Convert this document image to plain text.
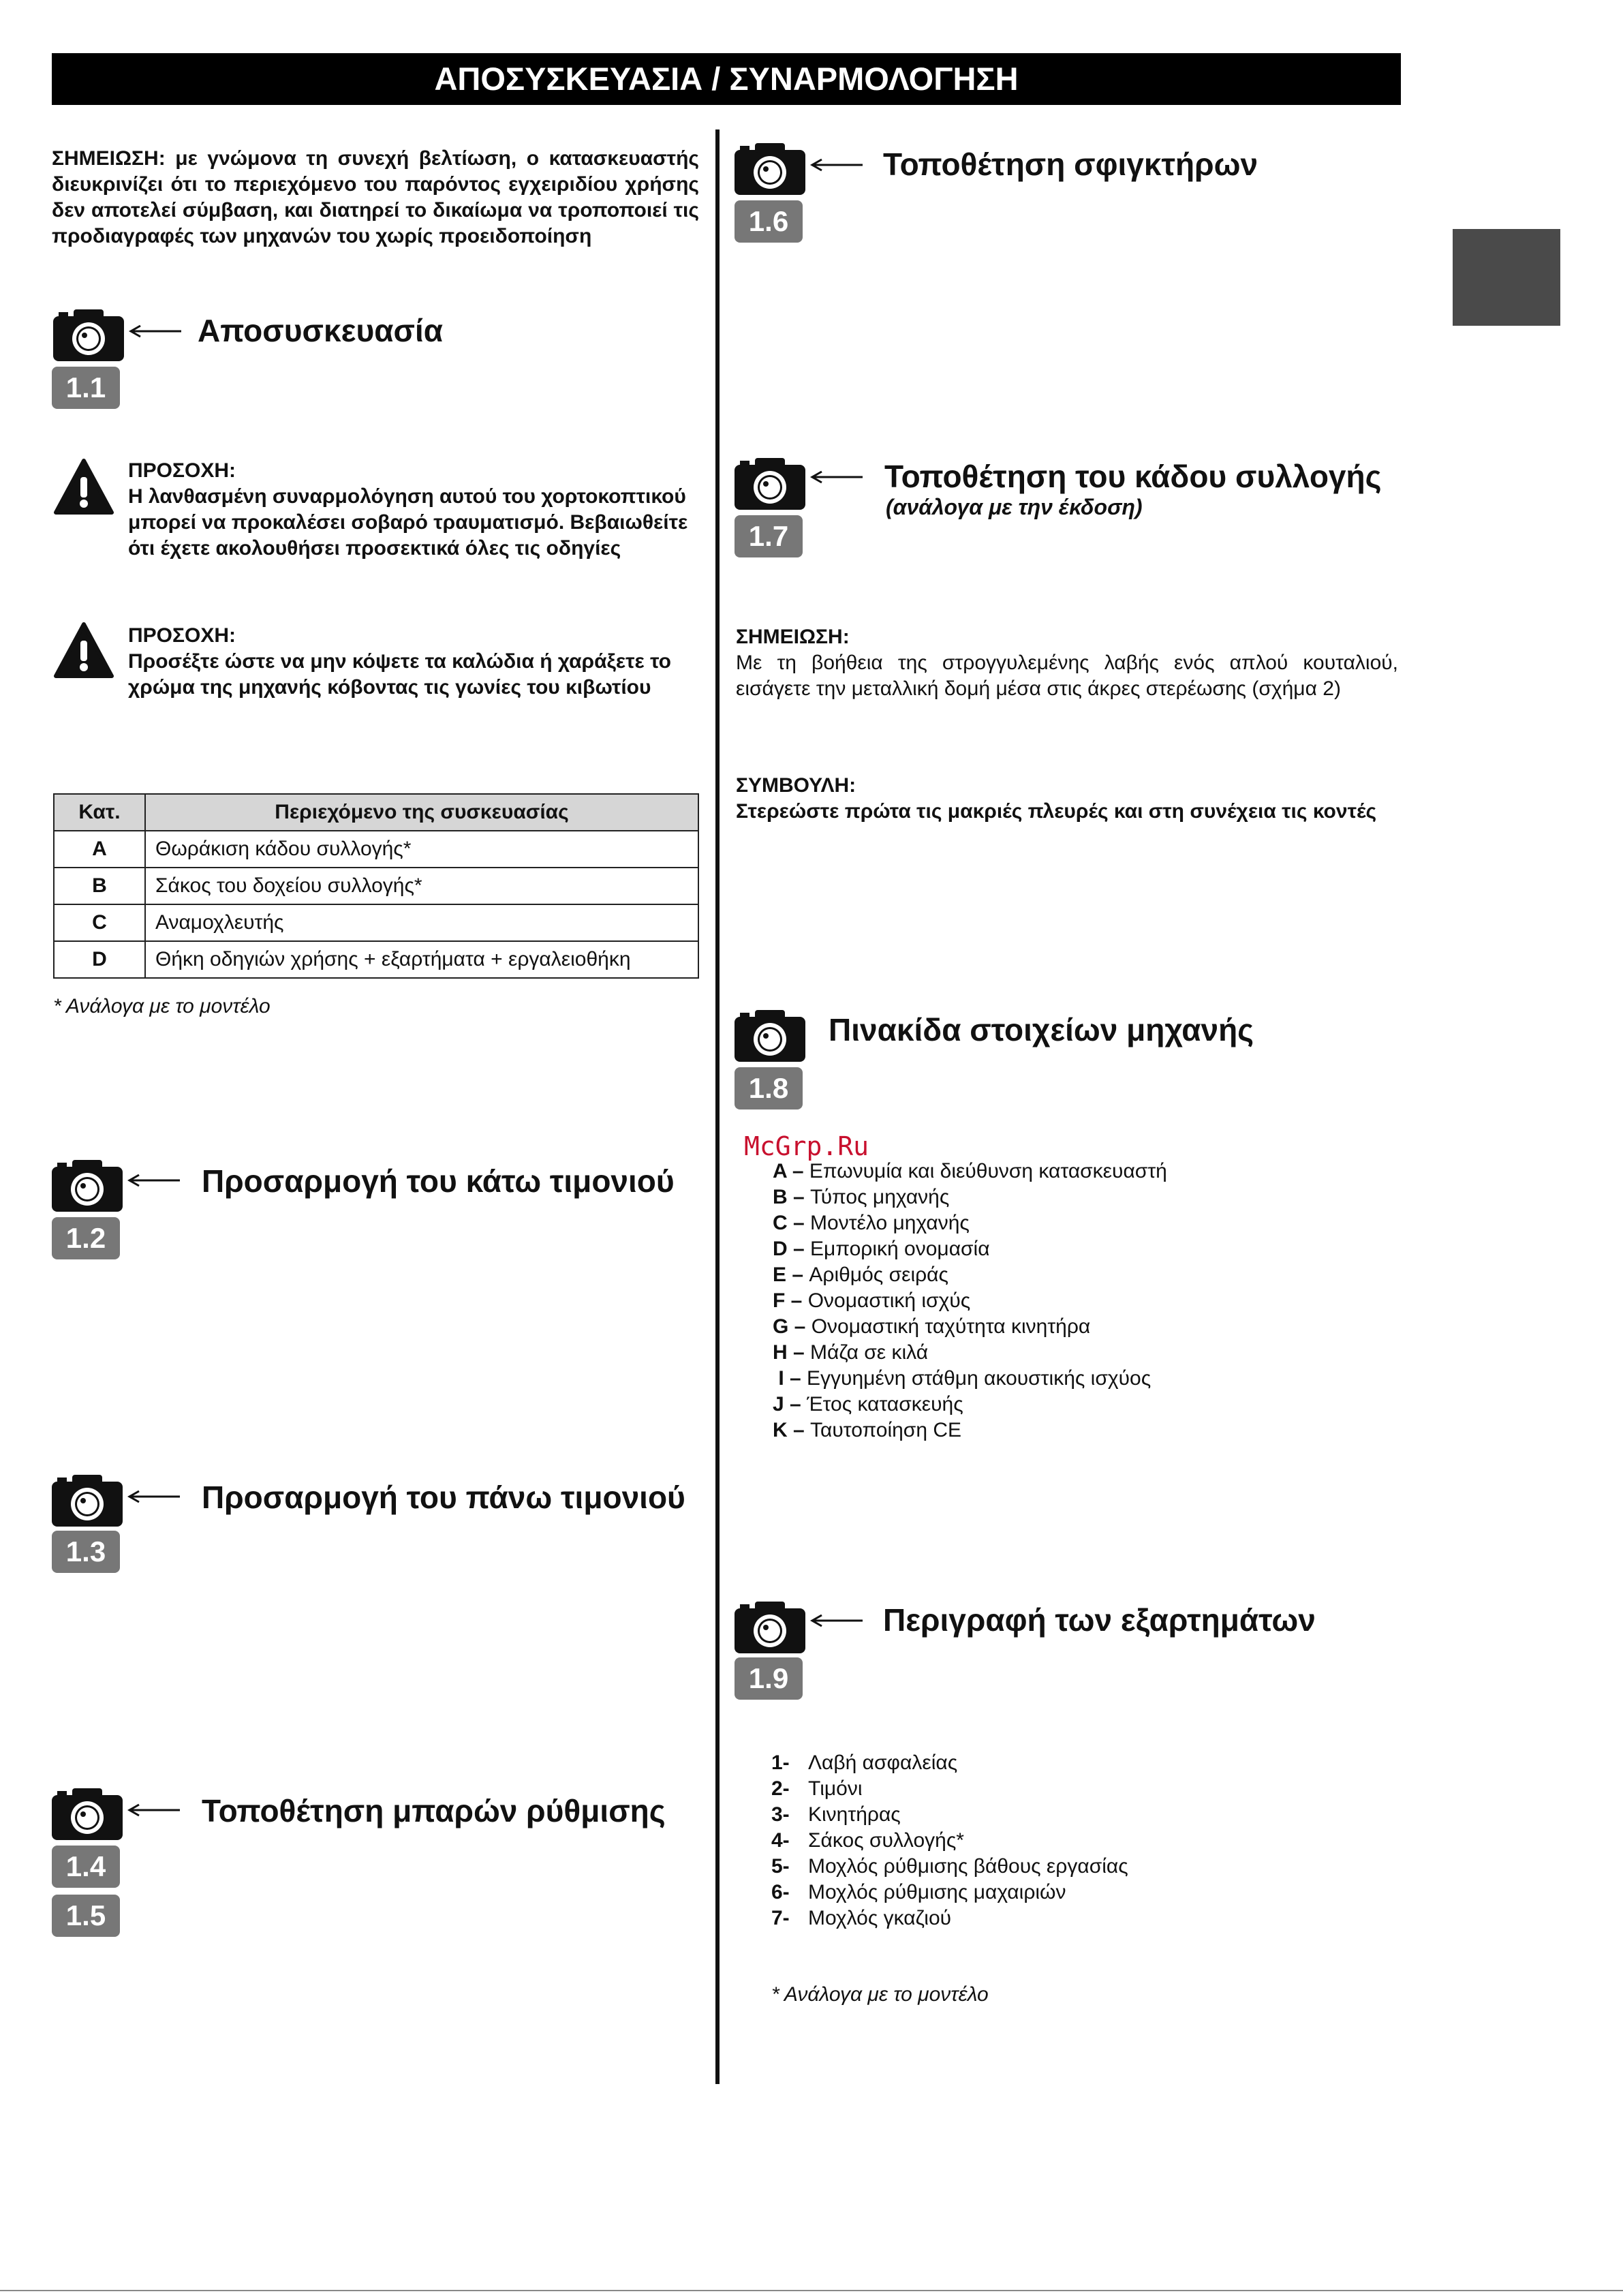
ΑΠΟΣΥΣΚΕΥΑΣΙΑ / ΣΥΝΑΡΜΟΛΟΓΗΣΗ
ΣΗΜΕΙΩΣΗ: με γνώμονα τη συνεχή βελτίωση, ο κατασκευαστής διευκρινίζει ότι το περιεχόμενο του παρόντος εγχειριδίου χρήσης δεν αποτελεί σύμβαση, και διατηρεί το δικαίωμα να τροποποιεί τις προδιαγραφές των μηχανών του χωρίς προειδοποίηση
Αποσυσκευασία
1.1
ΠΡΟΣΟΧΗ:
Η λανθασμένη συναρμολόγηση αυτού του χορτοκοπτικού μπορεί να προκαλέσει σοβαρό τραυματισμό. Βεβαιωθείτε ότι έχετε ακολουθήσει προσεκτικά όλες τις οδηγίες
ΠΡΟΣΟΧΗ:
Προσέξτε ώστε να μην κόψετε τα καλώδια ή χαράξετε το χρώμα της μηχανής κόβοντας τις γωνίες του κιβωτίου
Κατ.	Περιεχόμενο της συσκευασίας
A	Θωράκιση κάδου συλλογής*
B	Σάκος του δοχείου συλλογής*
C	Αναμοχλευτής
D	Θήκη οδηγιών χρήσης + εξαρτήματα + εργαλειοθήκη
* Ανάλογα με το μοντέλο
Προσαρμογή του κάτω τιμονιού
1.2
Προσαρμογή του πάνω τιμονιού
1.3
Τοποθέτηση μπαρών ρύθμισης
1.4
1.5
Τοποθέτηση σφιγκτήρων
1.6
Τοποθέτηση του κάδου συλλογής
(ανάλογα με την έκδοση)
1.7
ΣΗΜΕΙΩΣΗ:
Με τη βοήθεια της στρογγυλεμένης λαβής ενός απλού κουταλιού, εισάγετε την μεταλλική δομή μέσα στις άκρες στερέωσης (σχήμα 2)
ΣΥΜΒΟΥΛΗ:
Στερεώστε πρώτα τις μακριές πλευρές και στη συνέχεια τις κοντές
Πινακίδα στοιχείων μηχανής
1.8
McGrp.Ru
A – Επωνυμία και διεύθυνση κατασκευαστή
B – Τύπος μηχανής
C – Μοντέλο μηχανής
D – Εμπορική ονομασία
E – Αριθμός σειράς
F – Ονομαστική ισχύς
G – Ονομαστική ταχύτητα κινητήρα
H – Μάζα σε κιλά
I – Εγγυημένη στάθμη ακουστικής ισχύος
J – Έτος κατασκευής
K – Ταυτοποίηση CE
Περιγραφή των εξαρτημάτων
1.9
1- Λαβή ασφαλείας
2- Τιμόνι
3- Κινητήρας
4- Σάκος συλλογής*
5- Μοχλός ρύθμισης βάθους εργασίας
6- Μοχλός ρύθμισης μαχαιριών
7- Μοχλός γκαζιού
* Ανάλογα με το μοντέλο
